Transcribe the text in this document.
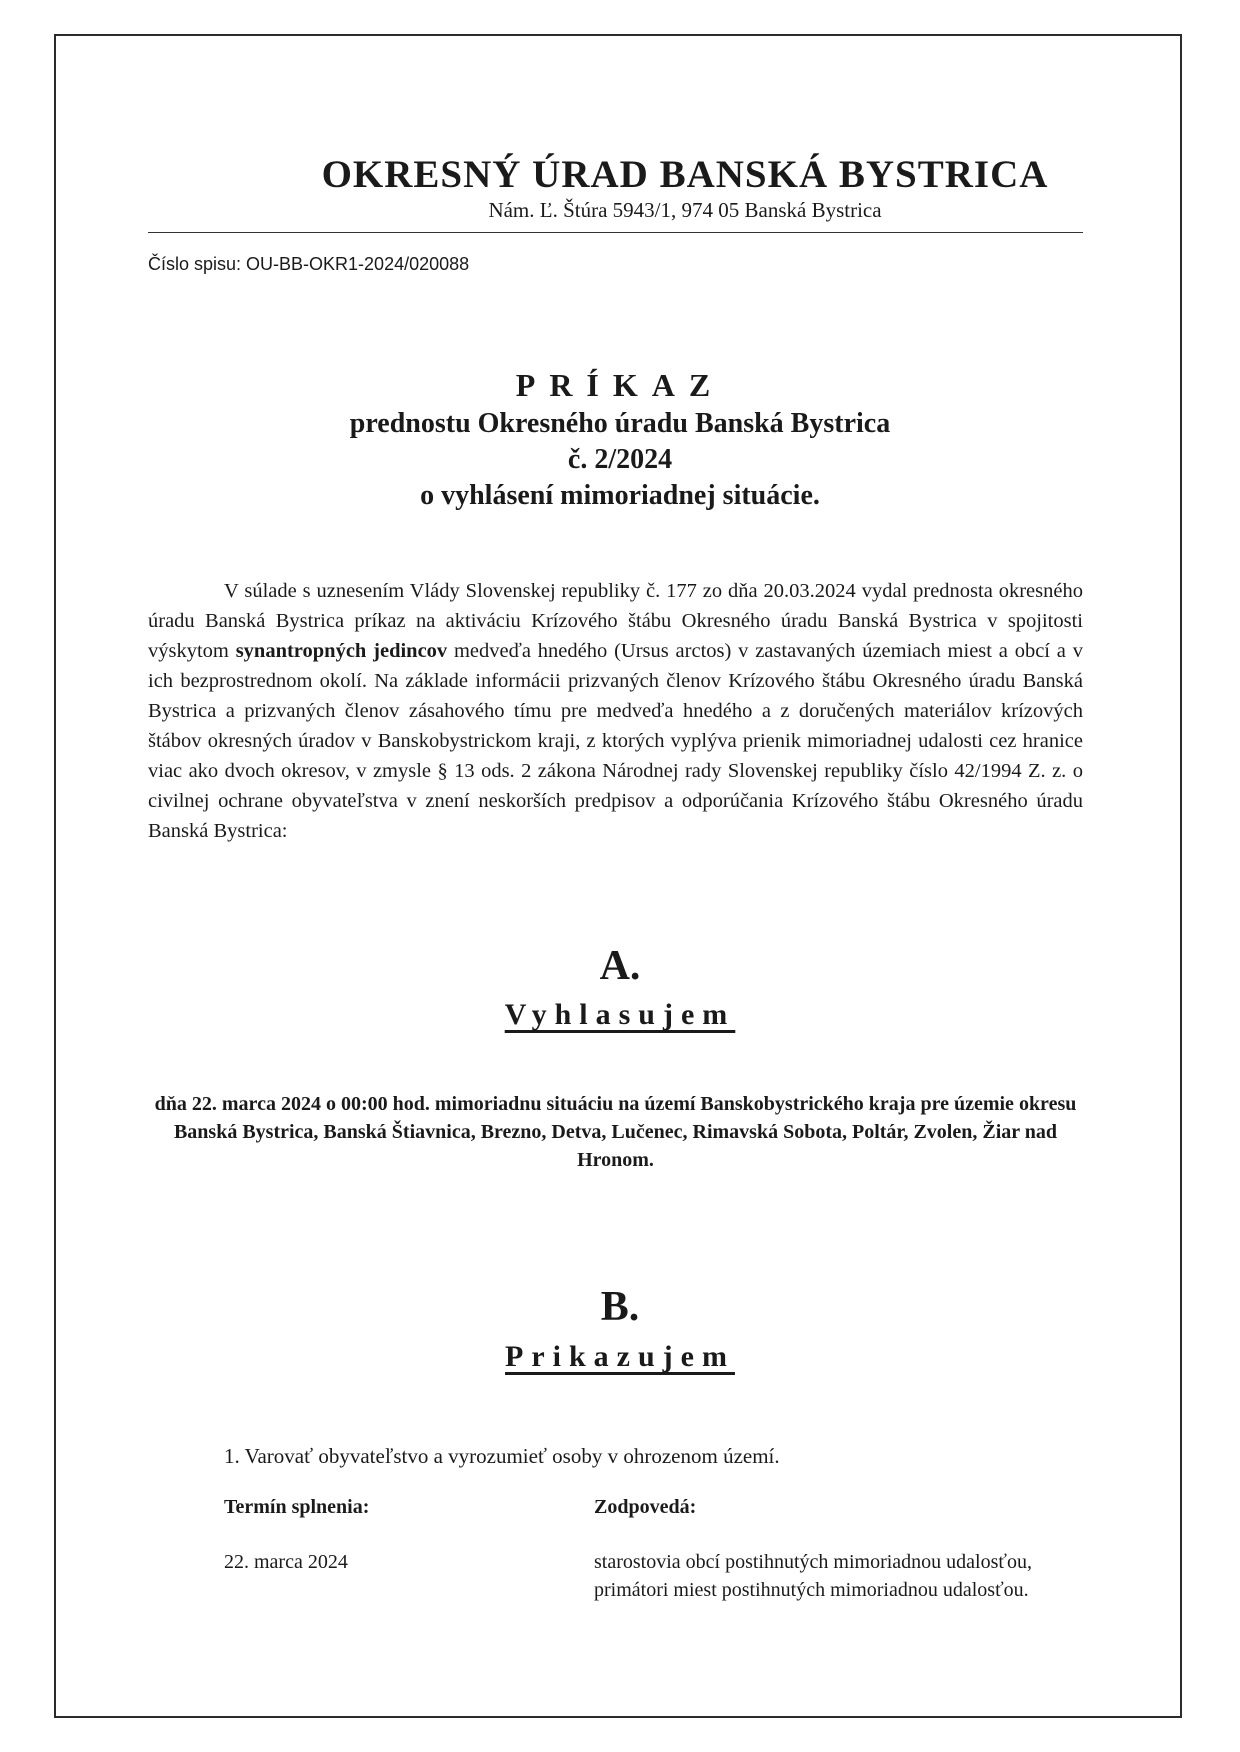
OKRESNÝ ÚRAD BANSKÁ BYSTRICA
Nám. Ľ. Štúra 5943/1, 974 05 Banská Bystrica
Číslo spisu: OU-BB-OKR1-2024/020088
PRÍKAZ
prednostu Okresného úradu Banská Bystrica
č. 2/2024
o vyhlásení mimoriadnej situácie.
V súlade s uznesením Vlády Slovenskej republiky č. 177 zo dňa 20.03.2024 vydal prednosta okresného úradu Banská Bystrica príkaz na aktiváciu Krízového štábu Okresného úradu Banská Bystrica v spojitosti výskytom synantropných jedincov medveďa hnedého (Ursus arctos) v zastavaných územiach miest a obcí a v ich bezprostrednom okolí. Na základe informácii prizvaných členov Krízového štábu Okresného úradu Banská Bystrica a prizvaných členov zásahového tímu pre medveďa hnedého a z doručených materiálov krízových štábov okresných úradov v Banskobystrickom kraji, z ktorých vyplýva prienik mimoriadnej udalosti cez hranice viac ako dvoch okresov, v zmysle § 13 ods. 2 zákona Národnej rady Slovenskej republiky číslo 42/1994 Z. z. o civilnej ochrane obyvateľstva v znení neskorších predpisov a odporúčania Krízového štábu Okresného úradu Banská Bystrica:
A.
Vyhlasujem
dňa 22. marca 2024 o 00:00 hod. mimoriadnu situáciu na území Banskobystrického kraja pre územie okresu Banská Bystrica, Banská Štiavnica, Brezno, Detva, Lučenec, Rimavská Sobota, Poltár, Zvolen, Žiar nad Hronom.
B.
Prikazujem
1. Varovať obyvateľstvo a vyrozumieť osoby v ohrozenom území.
Termín splnenia:	Zodpovedá:
22. marca 2024	starostovia obcí postihnutých mimoriadnou udalosťou,
primátori miest postihnutých mimoriadnou udalosťou.
